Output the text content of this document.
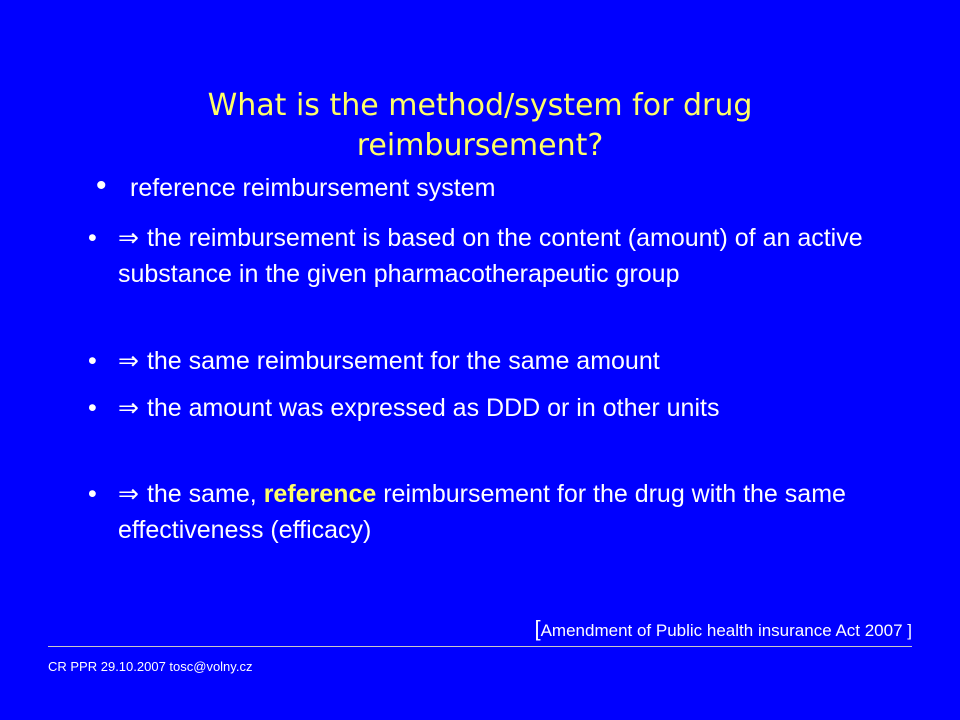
What is the method/system for drug reimbursement?
• reference reimbursement system
• ⇒ the reimbursement is based on the content (amount) of an active substance in the given pharmacotherapeutic group
• ⇒ the same reimbursement for the same amount
• ⇒ the amount was expressed as DDD or in other units
• ⇒ the same, reference reimbursement for the drug with the same effectiveness (efficacy)
[Amendment of Public health insurance Act 2007 ]
CR PPR 29.10.2007 tosc@volny.cz
